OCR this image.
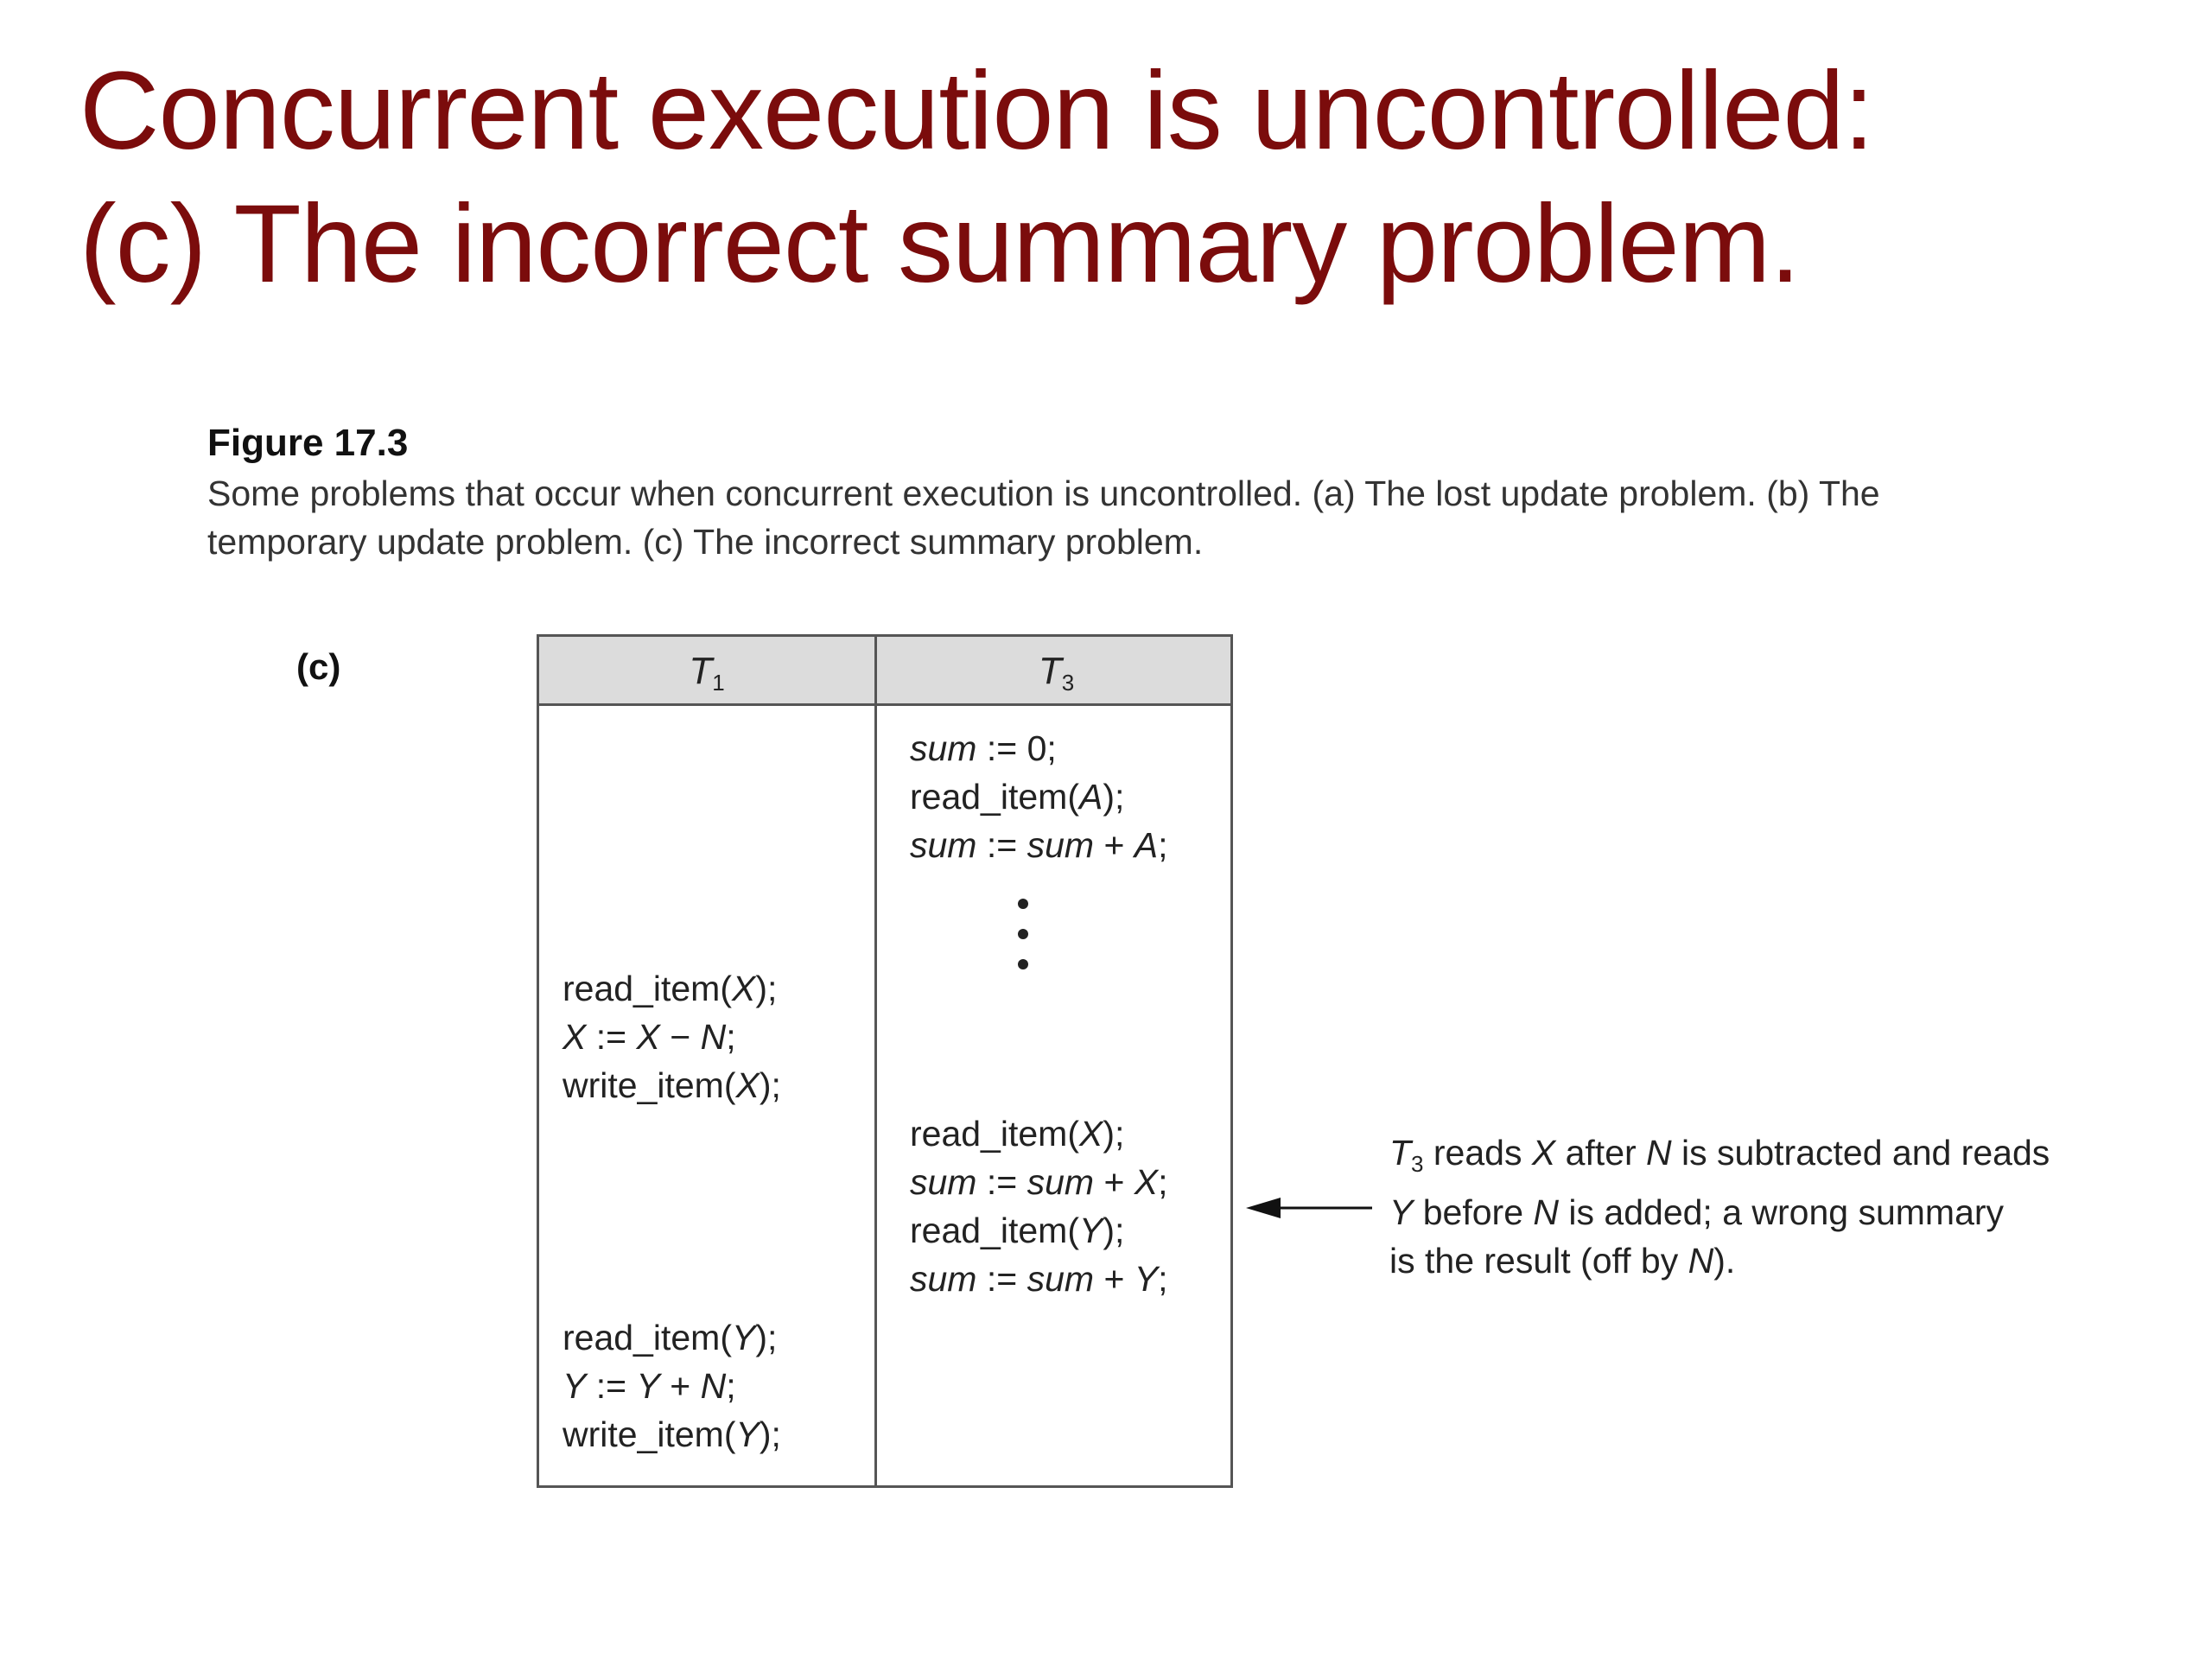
Concurrent execution is uncontrolled:
(c) The incorrect summary problem.
Figure 17.3
Some problems that occur when concurrent execution is uncontrolled. (a) The lost update problem. (b) The
temporary update problem. (c) The incorrect summary problem.
(c)	$T_1$	$T_3$
sum := 0;
read_item(A);
sum := sum + A;
read_item(X);
X := X − N;
write_item(X);
read_item(X);
sum := sum + X;
read_item(Y);
sum := sum + Y;
read_item(Y);
Y := Y + N;
write_item(Y);
$T_3$ reads X after N is subtracted and reads
Y before N is added; a wrong summary
is the result (off by N).
